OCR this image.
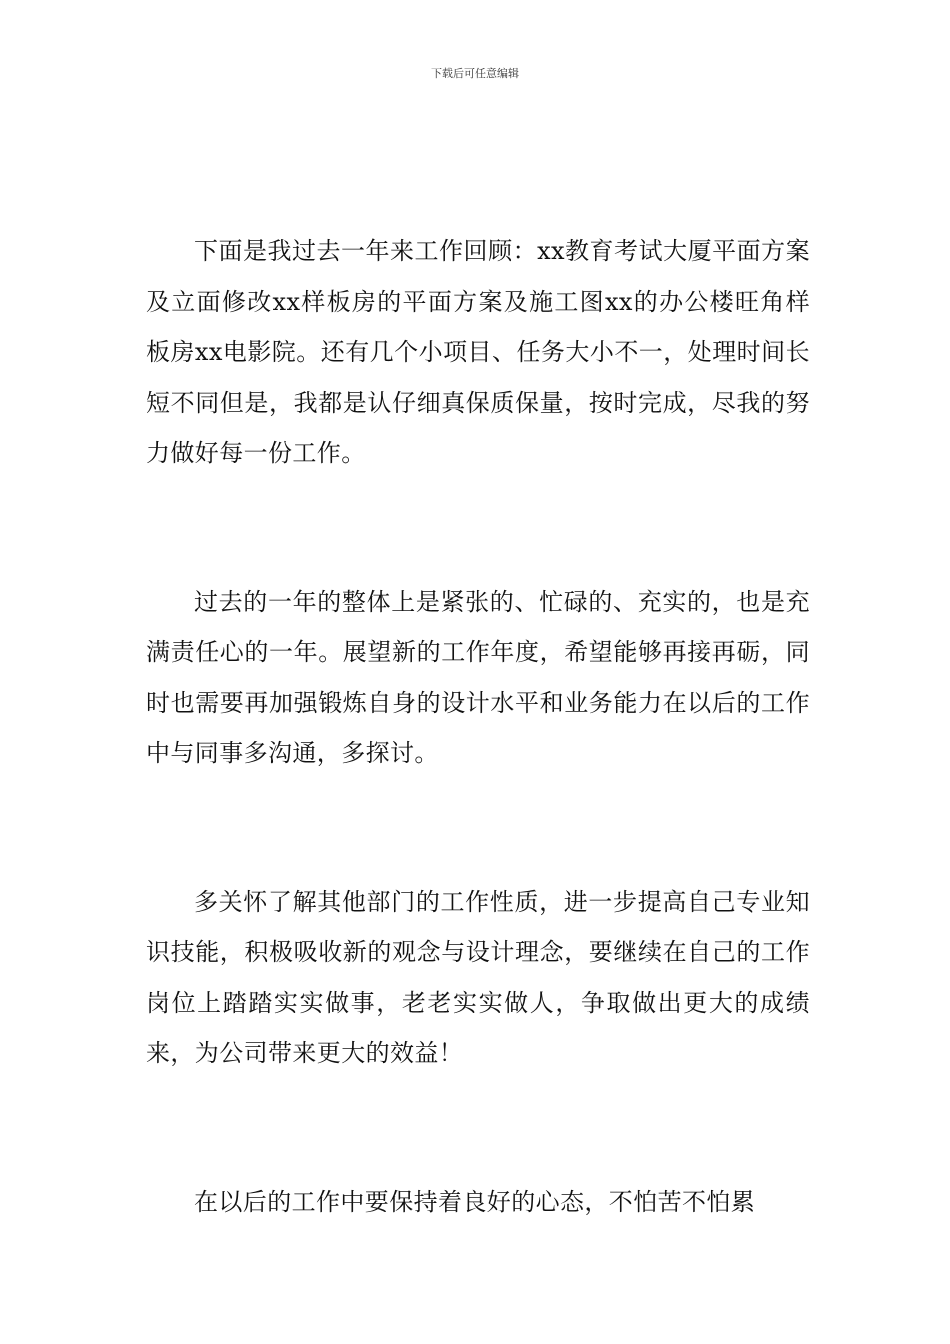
下载后可任意编辑

下面是我过去一年来工作回顾：xx教育考试大厦平面方案及立面修改xx样板房的平面方案及施工图xx的办公楼旺角样板房xx电影院。还有几个小项目、任务大小不一，处理时间长短不同但是，我都是认仔细真保质保量，按时完成，尽我的努力做好每一份工作。

过去的一年的整体上是紧张的、忙碌的、充实的，也是充满责任心的一年。展望新的工作年度，希望能够再接再砺，同时也需要再加强锻炼自身的设计水平和业务能力在以后的工作中与同事多沟通，多探讨。

多关怀了解其他部门的工作性质，进一步提高自己专业知识技能，积极吸收新的观念与设计理念，要继续在自己的工作岗位上踏踏实实做事，老老实实做人，争取做出更大的成绩来，为公司带来更大的效益！

在以后的工作中要保持着良好的心态，不怕苦不怕累
